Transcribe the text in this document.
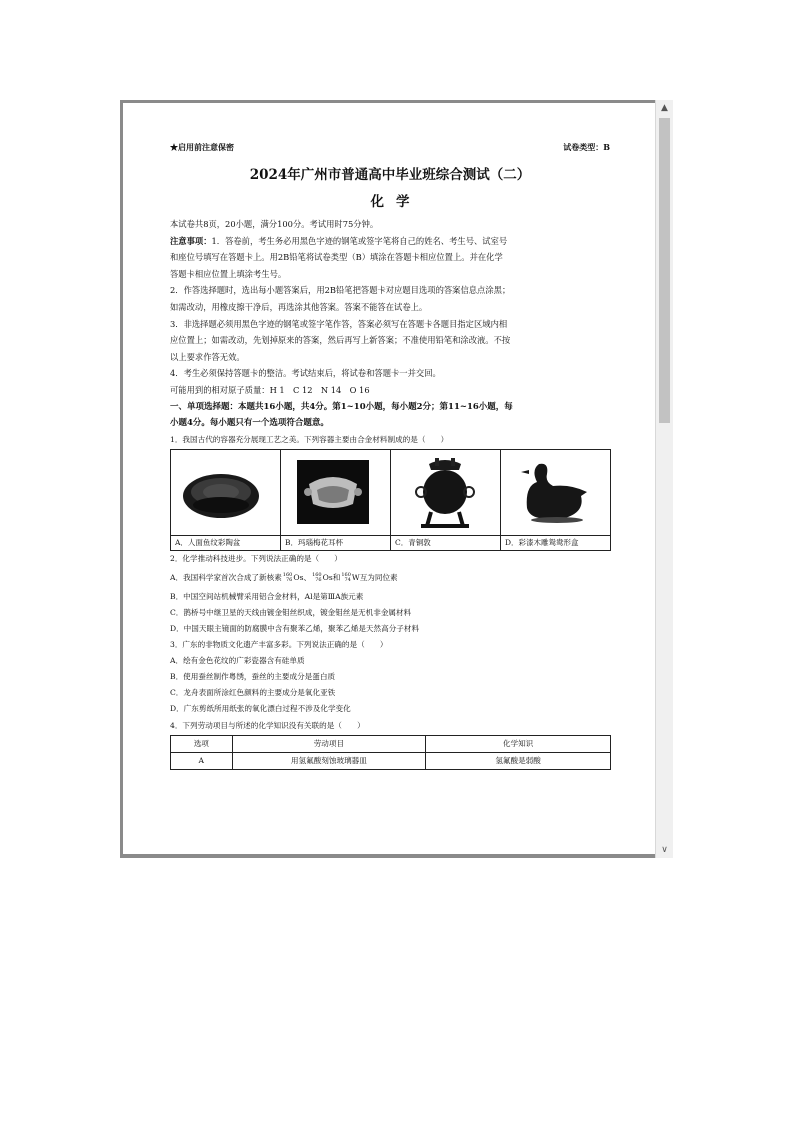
▲
∨
★启用前注意保密	试卷类型：B
2024年广州市普通高中毕业班综合测试（二）
化学

本试卷共8页，20小题，满分100分。考试用时75分钟。

注意事项：1．答卷前，考生务必用黑色字迹的钢笔或签字笔将自己的姓名、考生号、试室号

和座位号填写在答题卡上。用2B铅笔将试卷类型（B）填涂在答题卡相应位置上。并在化学

答题卡相应位置上填涂考生号。

2．作答选择题时，选出每小题答案后，用2B铅笔把答题卡对应题目选项的答案信息点涂黑；

如需改动，用橡皮擦干净后，再选涂其他答案。答案不能答在试卷上。

3．非选择题必须用黑色字迹的钢笔或签字笔作答，答案必须写在答题卡各题目指定区域内相

应位置上；如需改动，先划掉原来的答案，然后再写上新答案；不准使用铅笔和涂改液。不按

以上要求作答无效。

4．考生必须保持答题卡的整洁。考试结束后，将试卷和答题卡一并交回。

可能用到的相对原子质量：H 1　C 12　N 14　O 16

一、单项选择题：本题共16小题，共4分。第1~10小题，每小题2分；第11~16小题，每

小题4分。每小题只有一个选项符合题意。

1．我国古代的容器充分展现工艺之美。下列容器主要由合金材料制成的是（　　）

A．人面鱼纹彩陶盆	B．玛瑙梅花耳杯	C．青铜敦	D．彩漆木雕鸳鸯形盒

2．化学推动科技进步。下列说法正确的是（　　）

A．我国科学家首次合成了新核素160
76Os、160
76Os和160
74W互为同位素

B．中国空间站机械臂采用铝合金材料，Al是第ⅢA族元素

C．鹊桥号中继卫星的天线由镀金钼丝织成，镀金钼丝是无机非金属材料

D．中国天眼主镜面的防腐膜中含有聚苯乙烯，聚苯乙烯是天然高分子材料

3．广东的非物质文化遗产丰富多彩。下列说法正确的是（　　）

A．绘有金色花纹的广彩瓷器含有硅单质

B．使用蚕丝制作粤绣，蚕丝的主要成分是蛋白质

C．龙舟表面所涂红色颜料的主要成分是氧化亚铁

D．广东剪纸所用纸张的氧化漂白过程不涉及化学变化

4．下列劳动项目与所述的化学知识没有关联的是（　　）

选项	劳动项目	化学知识
A	用氢氟酸刻蚀玻璃器皿	氢氟酸是弱酸
